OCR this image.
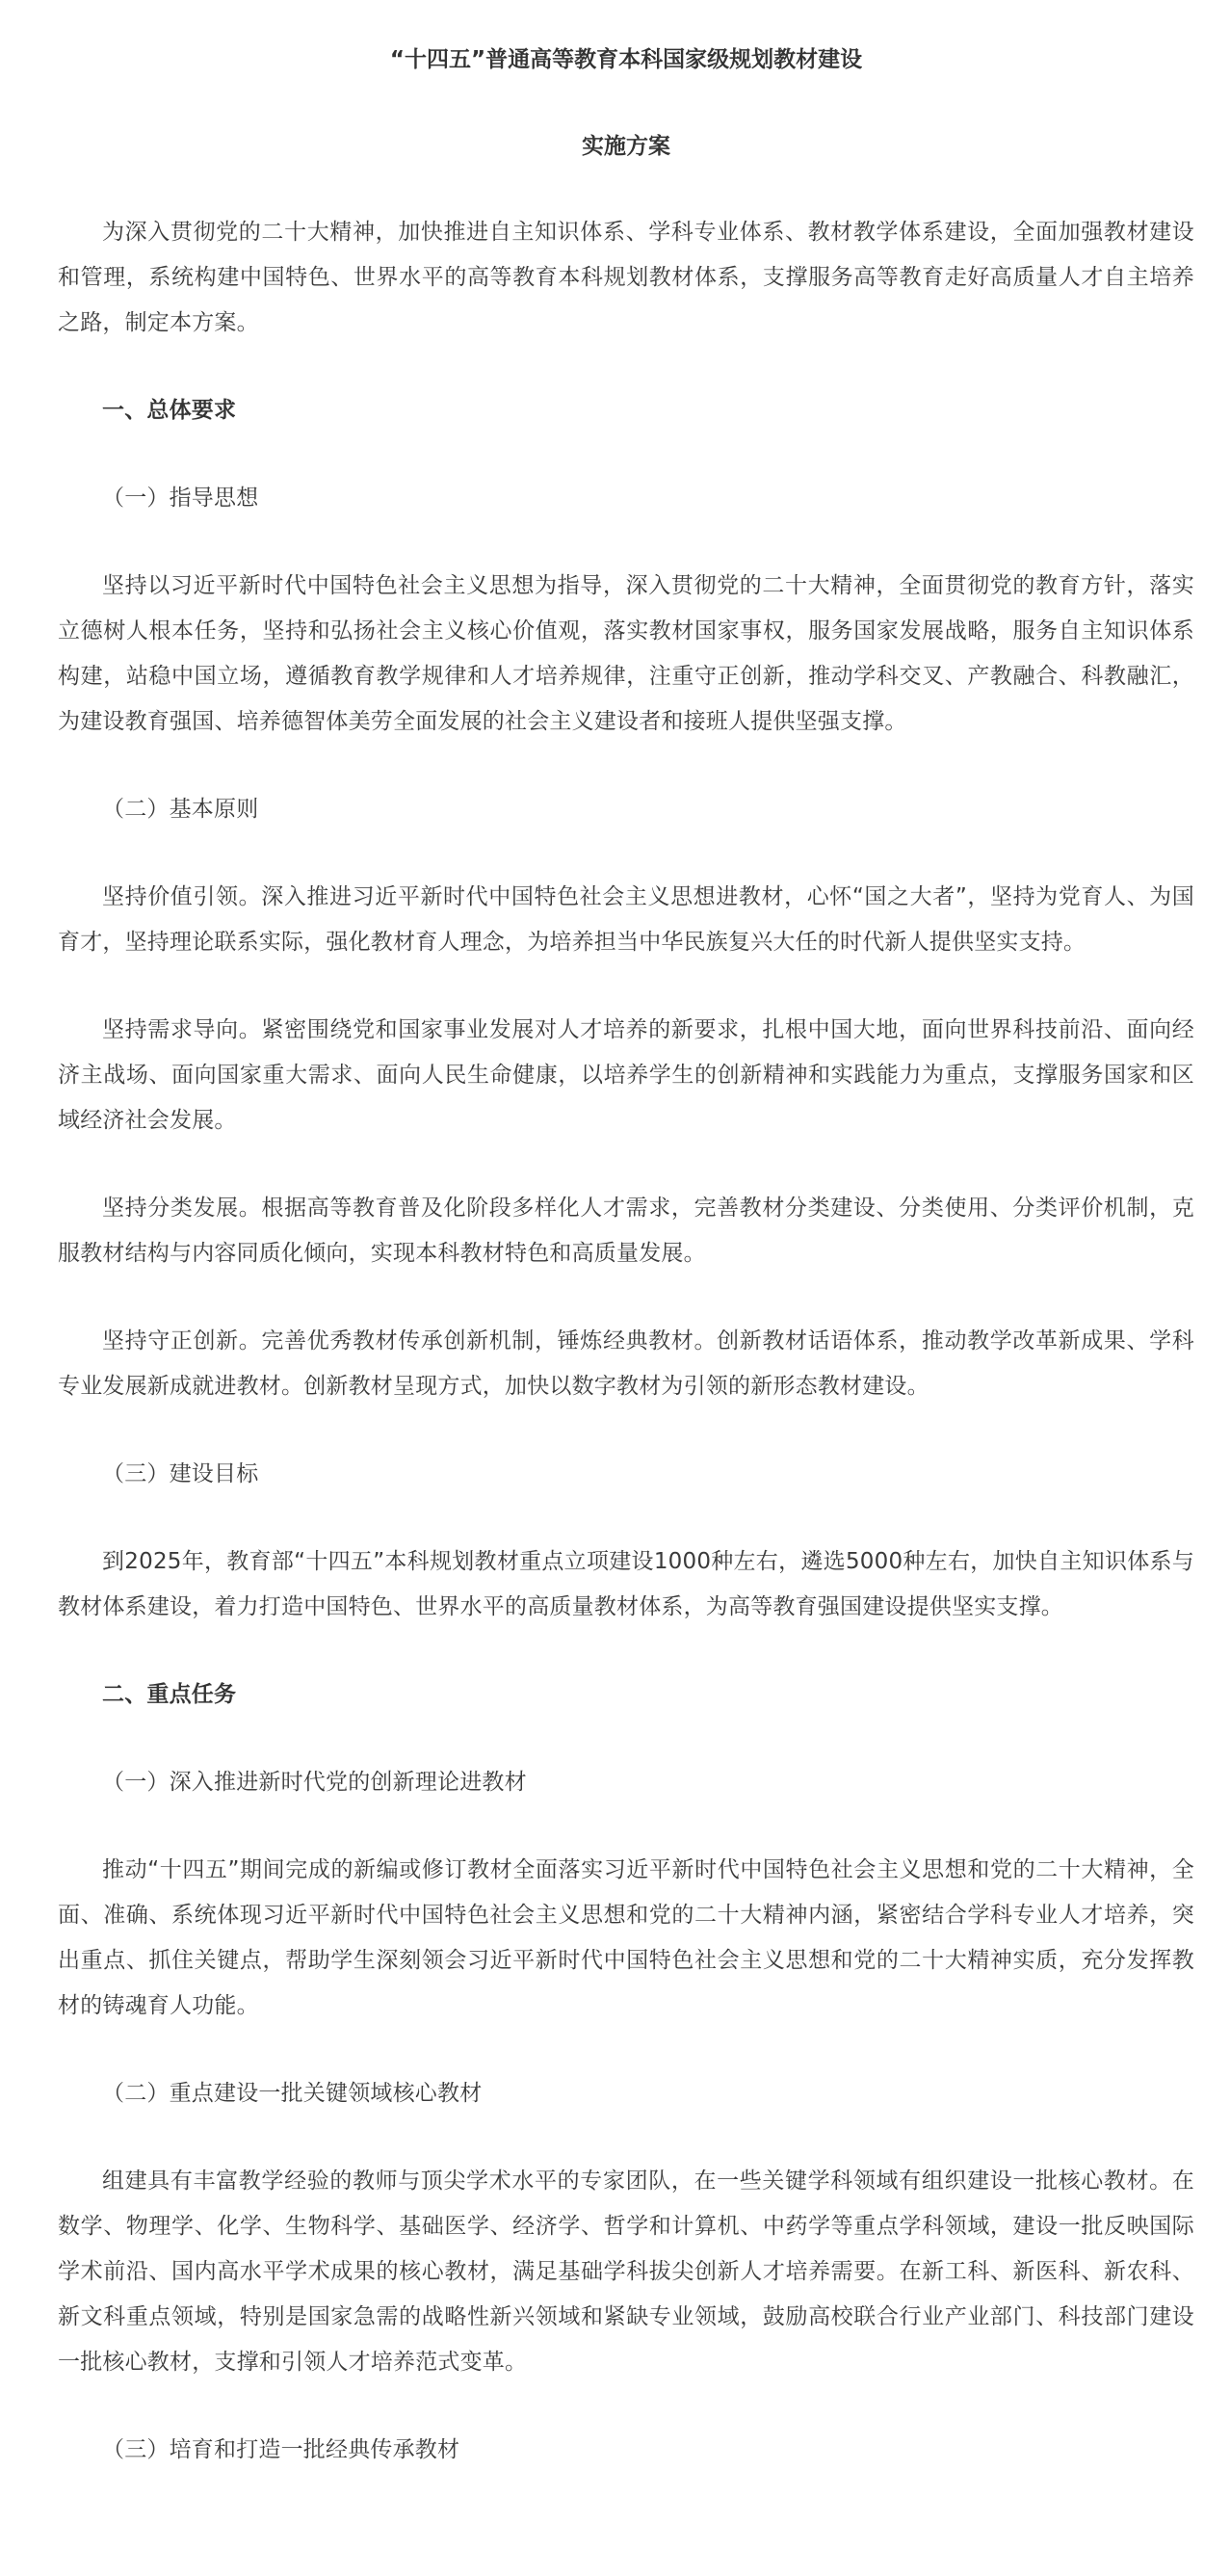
“十四五”普通高等教育本科国家级规划教材建设
实施方案

为深入贯彻党的二十大精神，加快推进自主知识体系、学科专业体系、教材教学体系建设，全面加强教材建设和管理，系统构建中国特色、世界水平的高等教育本科规划教材体系，支撑服务高等教育走好高质量人才自主培养之路，制定本方案。

一、总体要求

（一）指导思想

坚持以习近平新时代中国特色社会主义思想为指导，深入贯彻党的二十大精神，全面贯彻党的教育方针，落实立德树人根本任务，坚持和弘扬社会主义核心价值观，落实教材国家事权，服务国家发展战略，服务自主知识体系构建，站稳中国立场，遵循教育教学规律和人才培养规律，注重守正创新，推动学科交叉、产教融合、科教融汇，为建设教育强国、培养德智体美劳全面发展的社会主义建设者和接班人提供坚强支撑。

（二）基本原则

坚持价值引领。深入推进习近平新时代中国特色社会主义思想进教材，心怀“国之大者”，坚持为党育人、为国育才，坚持理论联系实际，强化教材育人理念，为培养担当中华民族复兴大任的时代新人提供坚实支持。

坚持需求导向。紧密围绕党和国家事业发展对人才培养的新要求，扎根中国大地，面向世界科技前沿、面向经济主战场、面向国家重大需求、面向人民生命健康，以培养学生的创新精神和实践能力为重点，支撑服务国家和区域经济社会发展。

坚持分类发展。根据高等教育普及化阶段多样化人才需求，完善教材分类建设、分类使用、分类评价机制，克服教材结构与内容同质化倾向，实现本科教材特色和高质量发展。

坚持守正创新。完善优秀教材传承创新机制，锤炼经典教材。创新教材话语体系，推动教学改革新成果、学科专业发展新成就进教材。创新教材呈现方式，加快以数字教材为引领的新形态教材建设。

（三）建设目标

到2025年，教育部“十四五”本科规划教材重点立项建设1000种左右，遴选5000种左右，加快自主知识体系与教材体系建设，着力打造中国特色、世界水平的高质量教材体系，为高等教育强国建设提供坚实支撑。

二、重点任务

（一）深入推进新时代党的创新理论进教材

推动“十四五”期间完成的新编或修订教材全面落实习近平新时代中国特色社会主义思想和党的二十大精神，全面、准确、系统体现习近平新时代中国特色社会主义思想和党的二十大精神内涵，紧密结合学科专业人才培养，突出重点、抓住关键点，帮助学生深刻领会习近平新时代中国特色社会主义思想和党的二十大精神实质，充分发挥教材的铸魂育人功能。

（二）重点建设一批关键领域核心教材

组建具有丰富教学经验的教师与顶尖学术水平的专家团队，在一些关键学科领域有组织建设一批核心教材。在数学、物理学、化学、生物科学、基础医学、经济学、哲学和计算机、中药学等重点学科领域，建设一批反映国际学术前沿、国内高水平学术成果的核心教材，满足基础学科拔尖创新人才培养需要。在新工科、新医科、新农科、新文科重点领域，特别是国家急需的战略性新兴领域和紧缺专业领域，鼓励高校联合行业产业部门、科技部门建设一批核心教材，支撑和引领人才培养范式变革。

（三）培育和打造一批经典传承教材
